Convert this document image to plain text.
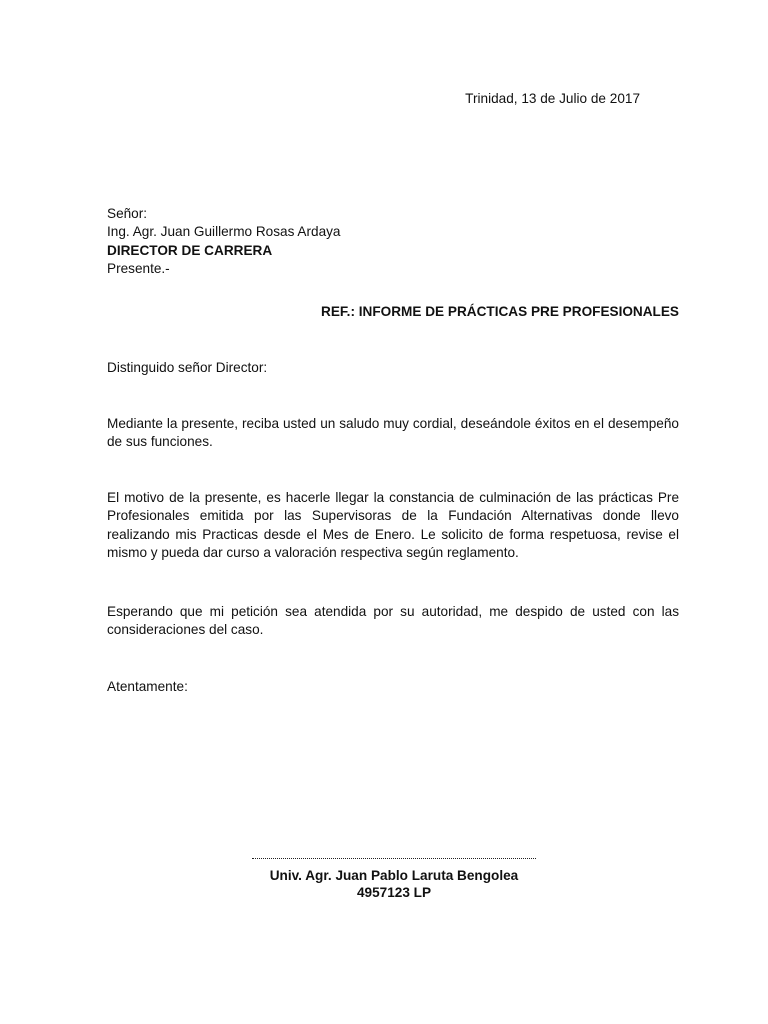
Trinidad, 13 de Julio de 2017
Señor:
Ing. Agr. Juan Guillermo Rosas Ardaya
DIRECTOR DE CARRERA
Presente.-
REF.: INFORME DE PRÁCTICAS PRE PROFESIONALES
Distinguido señor Director:
Mediante la presente, reciba usted un saludo muy cordial, deseándole éxitos en el desempeño de sus funciones.
El motivo de la presente, es hacerle llegar la constancia de culminación de las prácticas Pre Profesionales emitida por las Supervisoras de la Fundación Alternativas donde llevo realizando mis Practicas desde el Mes de Enero. Le solicito de forma respetuosa, revise el mismo y pueda dar curso a valoración respectiva según reglamento.
Esperando que mi petición sea atendida por su autoridad, me despido de usted con las consideraciones del caso.
Atentamente:
Univ. Agr. Juan Pablo Laruta Bengolea
4957123 LP
